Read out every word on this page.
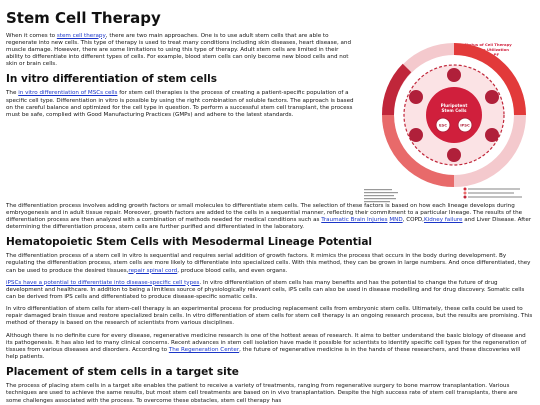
Stem Cell Therapy

When it comes to stem cell therapy, there are two main approaches. One is to use adult stem cells that are able to regenerate into new cells. This type of therapy is used to treat many conditions including skin diseases, heart disease, and muscle damage. However, there are some limitations to using this type of therapy. Adult stem cells are limited in their ability to differentiate into different types of cells. For example, blood stem cells can only become new blood cells and not skin or brain cells.

In vitro differentiation of stem cells

The in vitro differentiation of MSCs cells for stem cell therapies is the process of creating a patient-specific population of a specific cell type. Differentiation in vitro is possible by using the right combination of soluble factors. The approach is based on the careful balance and optimized for the cell type in question. To perform a successful stem cell transplant, the process must be safe, complied with Good Manufacturing Practices (GMPs) and adhere to the latest standards.

Status of Cell Therapy
Platform Utilization
in each PF
Pluripotent
Stem Cells
ESC	iPSC

The differentiation process involves adding growth factors or small molecules to differentiate stem cells. The selection of these factors is based on how each lineage develops during embryogenesis and in adult tissue repair. Moreover, growth factors are added to the cells in a sequential manner, reflecting their commitment to a particular lineage. The results of the differentiation process are then analyzed with a combination of methods needed for medical conditions such as Traumatic Brain Injuries MND, COPD,Kidney failure and Liver Disease. After determining the differentiation process, stem cells are further purified and differentiated in the laboratory.

Hematopoietic Stem Cells with Mesodermal Lineage Potential

The differentiation process of a stem cell in vitro is sequential and requires serial addition of growth factors. It mimics the process that occurs in the body during development. By regulating the differentiation process, stem cells are more likely to differentiate into specialized cells. With this method, they can be grown in large numbers. And once differentiated, they can be used to produce the desired tissues,repair spinal cord, produce blood cells, and even organs.

iPSCs have a potential to differentiate into disease-specific cell types. In vitro differentiation of stem cells has many benefits and has the potential to change the future of drug development and healthcare. In addition to being a limitless source of physiologically relevant cells, iPS cells can also be used in disease modelling and for drug discovery. Somatic cells can be derived from iPS cells and differentiated to produce disease-specific somatic cells.

In vitro differentiation of stem cells for stem-cell therapy is an experimental process for producing replacement cells from embryonic stem cells. Ultimately, these cells could be used to repair damaged brain tissue and restore specialized brain cells. In vitro differentiation of stem cells for stem cell therapy is an ongoing research process, but the results are promising. This method of therapy is based on the research of scientists from various disciplines.

Although there is no definite cure for every disease, regenerative medicine research is one of the hottest areas of research. It aims to better understand the basic biology of disease and its pathogenesis. It has also led to many clinical concerns. Recent advances in stem cell isolation have made it possible for scientists to identify specific cell types for the regeneration of tissues from various diseases and disorders. According to The Regeneration Center, the future of regenerative medicine is in the hands of these researchers, and these discoveries will help patients.

Placement of stem cells in a target site

The process of placing stem cells in a target site enables the patient to receive a variety of treatments, ranging from regenerative surgery to bone marrow transplantation. Various techniques are used to achieve the same results, but most stem cell treatments are based on in vivo transplantation. Despite the high success rate of stem cell transplants, there are some challenges associated with the process. To overcome these obstacles, stem cell therapy has
